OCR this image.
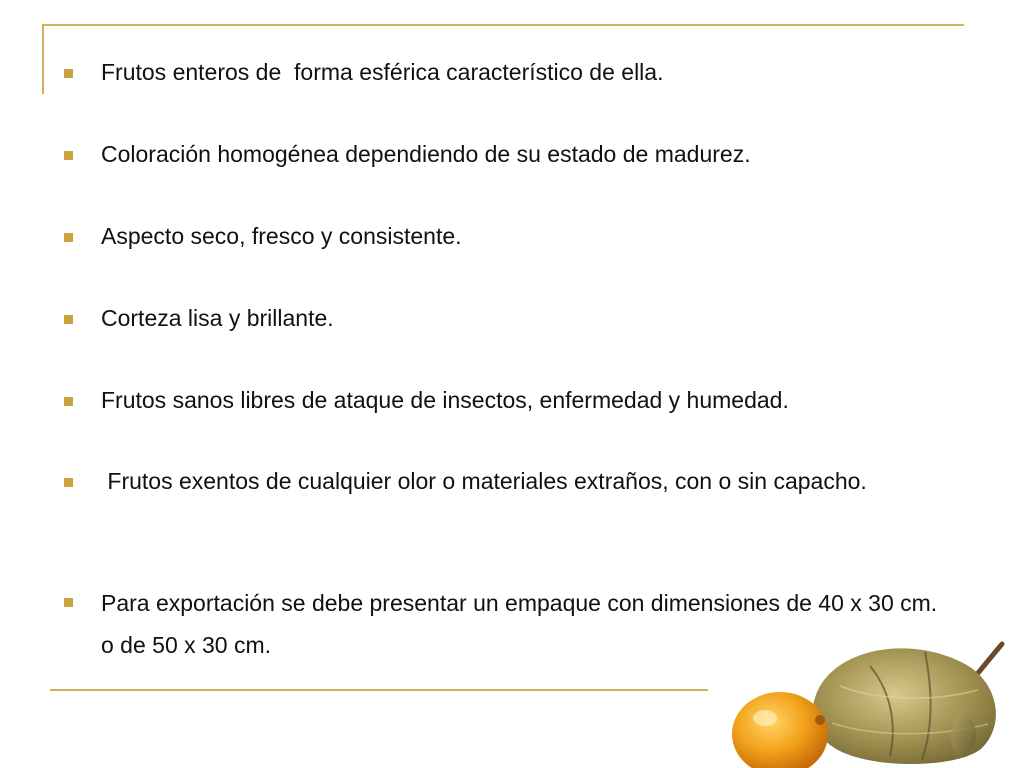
Frutos enteros de  forma esférica característico de ella.
Coloración homogénea dependiendo de su estado de madurez.
Aspecto seco, fresco y consistente.
Corteza lisa y brillante.
Frutos sanos libres de ataque de insectos, enfermedad y humedad.
Frutos exentos de cualquier olor o materiales extraños, con o sin capacho.
Para exportación se debe presentar un empaque con dimensiones de 40 x 30 cm. o de 50 x 30 cm.
